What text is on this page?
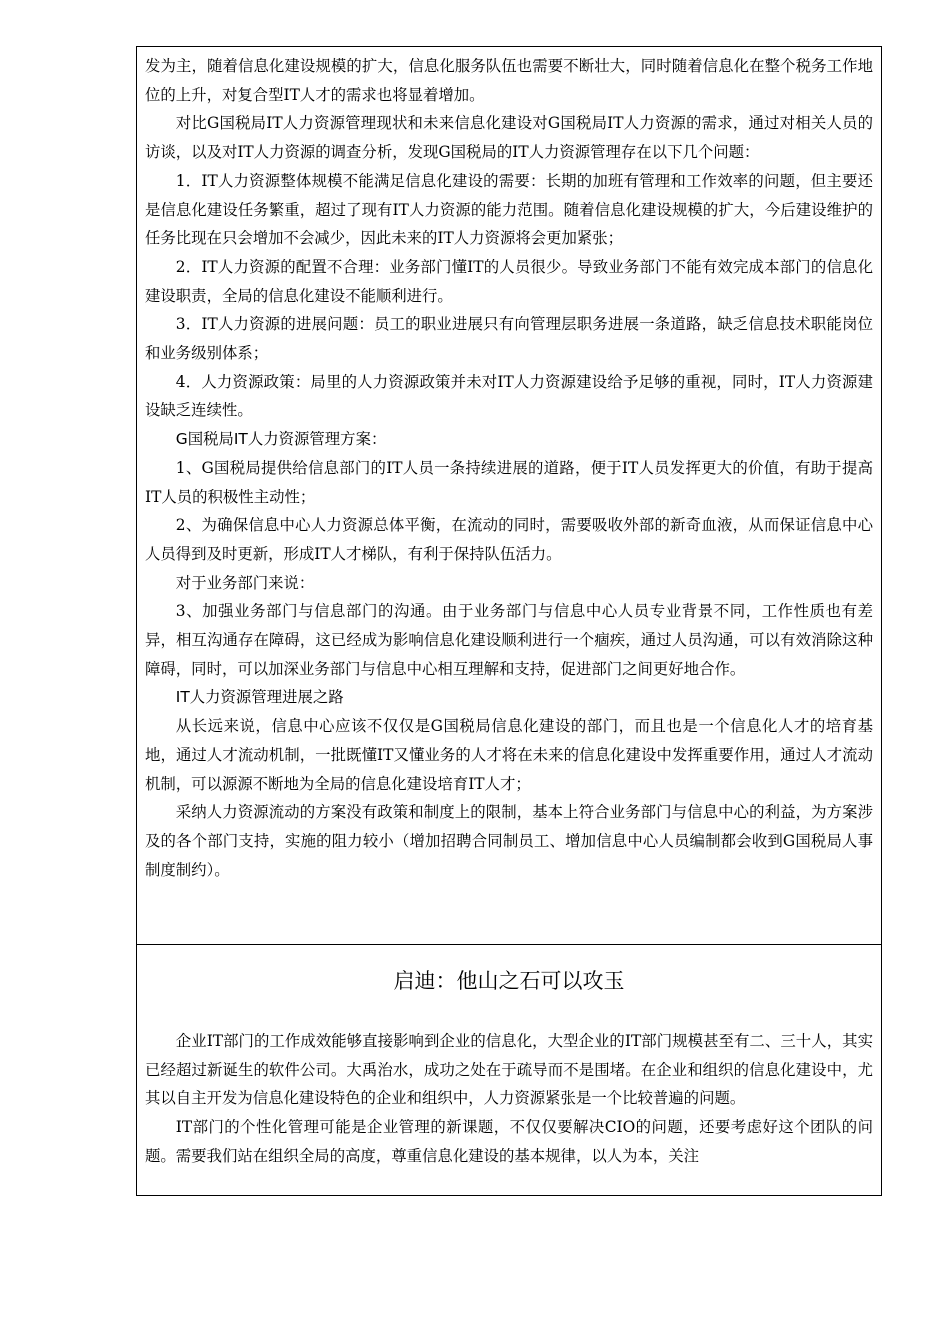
发为主，随着信息化建设规模的扩大，信息化服务队伍也需要不断壮大，同时随着信息化在整个税务工作地位的上升，对复合型IT人才的需求也将显着增加。

对比G国税局IT人力资源管理现状和未来信息化建设对G国税局IT人力资源的需求，通过对相关人员的访谈，以及对IT人力资源的调查分析，发现G国税局的IT人力资源管理存在以下几个问题：

1．IT人力资源整体规模不能满足信息化建设的需要：长期的加班有管理和工作效率的问题，但主要还是信息化建设任务繁重，超过了现有IT人力资源的能力范围。随着信息化建设规模的扩大，今后建设维护的任务比现在只会增加不会减少，因此未来的IT人力资源将会更加紧张；

2．IT人力资源的配置不合理：业务部门懂IT的人员很少。导致业务部门不能有效完成本部门的信息化建设职责，全局的信息化建设不能顺利进行。

3．IT人力资源的进展问题：员工的职业进展只有向管理层职务进展一条道路，缺乏信息技术职能岗位和业务级别体系；

4．人力资源政策：局里的人力资源政策并未对IT人力资源建设给予足够的重视，同时，IT人力资源建设缺乏连续性。

G国税局IT人力资源管理方案：

1、G国税局提供给信息部门的IT人员一条持续进展的道路，便于IT人员发挥更大的价值，有助于提高IT人员的积极性主动性；

2、为确保信息中心人力资源总体平衡，在流动的同时，需要吸收外部的新奇血液，从而保证信息中心人员得到及时更新，形成IT人才梯队，有利于保持队伍活力。

对于业务部门来说：

3、加强业务部门与信息部门的沟通。由于业务部门与信息中心人员专业背景不同，工作性质也有差异，相互沟通存在障碍，这已经成为影响信息化建设顺利进行一个痼疾，通过人员沟通，可以有效消除这种障碍，同时，可以加深业务部门与信息中心相互理解和支持，促进部门之间更好地合作。

IT人力资源管理进展之路

从长远来说，信息中心应该不仅仅是G国税局信息化建设的部门，而且也是一个信息化人才的培育基地，通过人才流动机制，一批既懂IT又懂业务的人才将在未来的信息化建设中发挥重要作用，通过人才流动机制，可以源源不断地为全局的信息化建设培育IT人才；

采纳人力资源流动的方案没有政策和制度上的限制，基本上符合业务部门与信息中心的利益，为方案涉及的各个部门支持，实施的阻力较小（增加招聘合同制员工、增加信息中心人员编制都会收到G国税局人事制度制约）。

启迪：他山之石可以攻玉

企业IT部门的工作成效能够直接影响到企业的信息化，大型企业的IT部门规模甚至有二、三十人，其实已经超过新诞生的软件公司。大禹治水，成功之处在于疏导而不是围堵。在企业和组织的信息化建设中，尤其以自主开发为信息化建设特色的企业和组织中，人力资源紧张是一个比较普遍的问题。

IT部门的个性化管理可能是企业管理的新课题，不仅仅要解决CIO的问题，还要考虑好这个团队的问题。需要我们站在组织全局的高度，尊重信息化建设的基本规律，以人为本，关注
